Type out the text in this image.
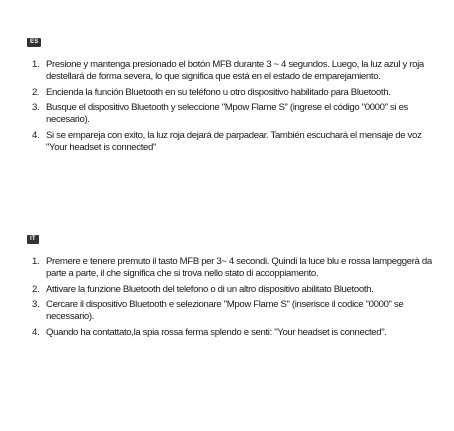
ES
1. Presione y mantenga presionado el botón MFB durante 3 ~ 4 segundos. Luego, la luz azul y roja destellará de forma severa, lo que significa que está en el estado de emparejamiento.
2. Encienda la función Bluetooth en su teléfono u otro dispositivo habilitado para Bluetooth.
3. Busque el dispositivo Bluetooth y seleccione "Mpow Flame S" (ingrese el código "0000" si es necesario).
4. Si se empareja con exito, la luz roja dejará de parpadear. También escuchará el mensaje de voz "Your headset is connected"
IT
1. Premere e tenere premuto il tasto MFB per 3~ 4 secondi. Quindi la luce blu e rossa lampeggerà da parte a parte, il che significa che si trova nello stato di accoppiamento.
2. Attivare la funzione Bluetooth del telefono o di un altro dispositivo abilitato Bluetooth.
3. Cercare il dispositivo Bluetooth e selezionare "Mpow Flame S" (inserisce il codice "0000" se necessario).
4. Quando ha contattato,la spia rossa ferma splendo e senti: "Your headset is connected".
